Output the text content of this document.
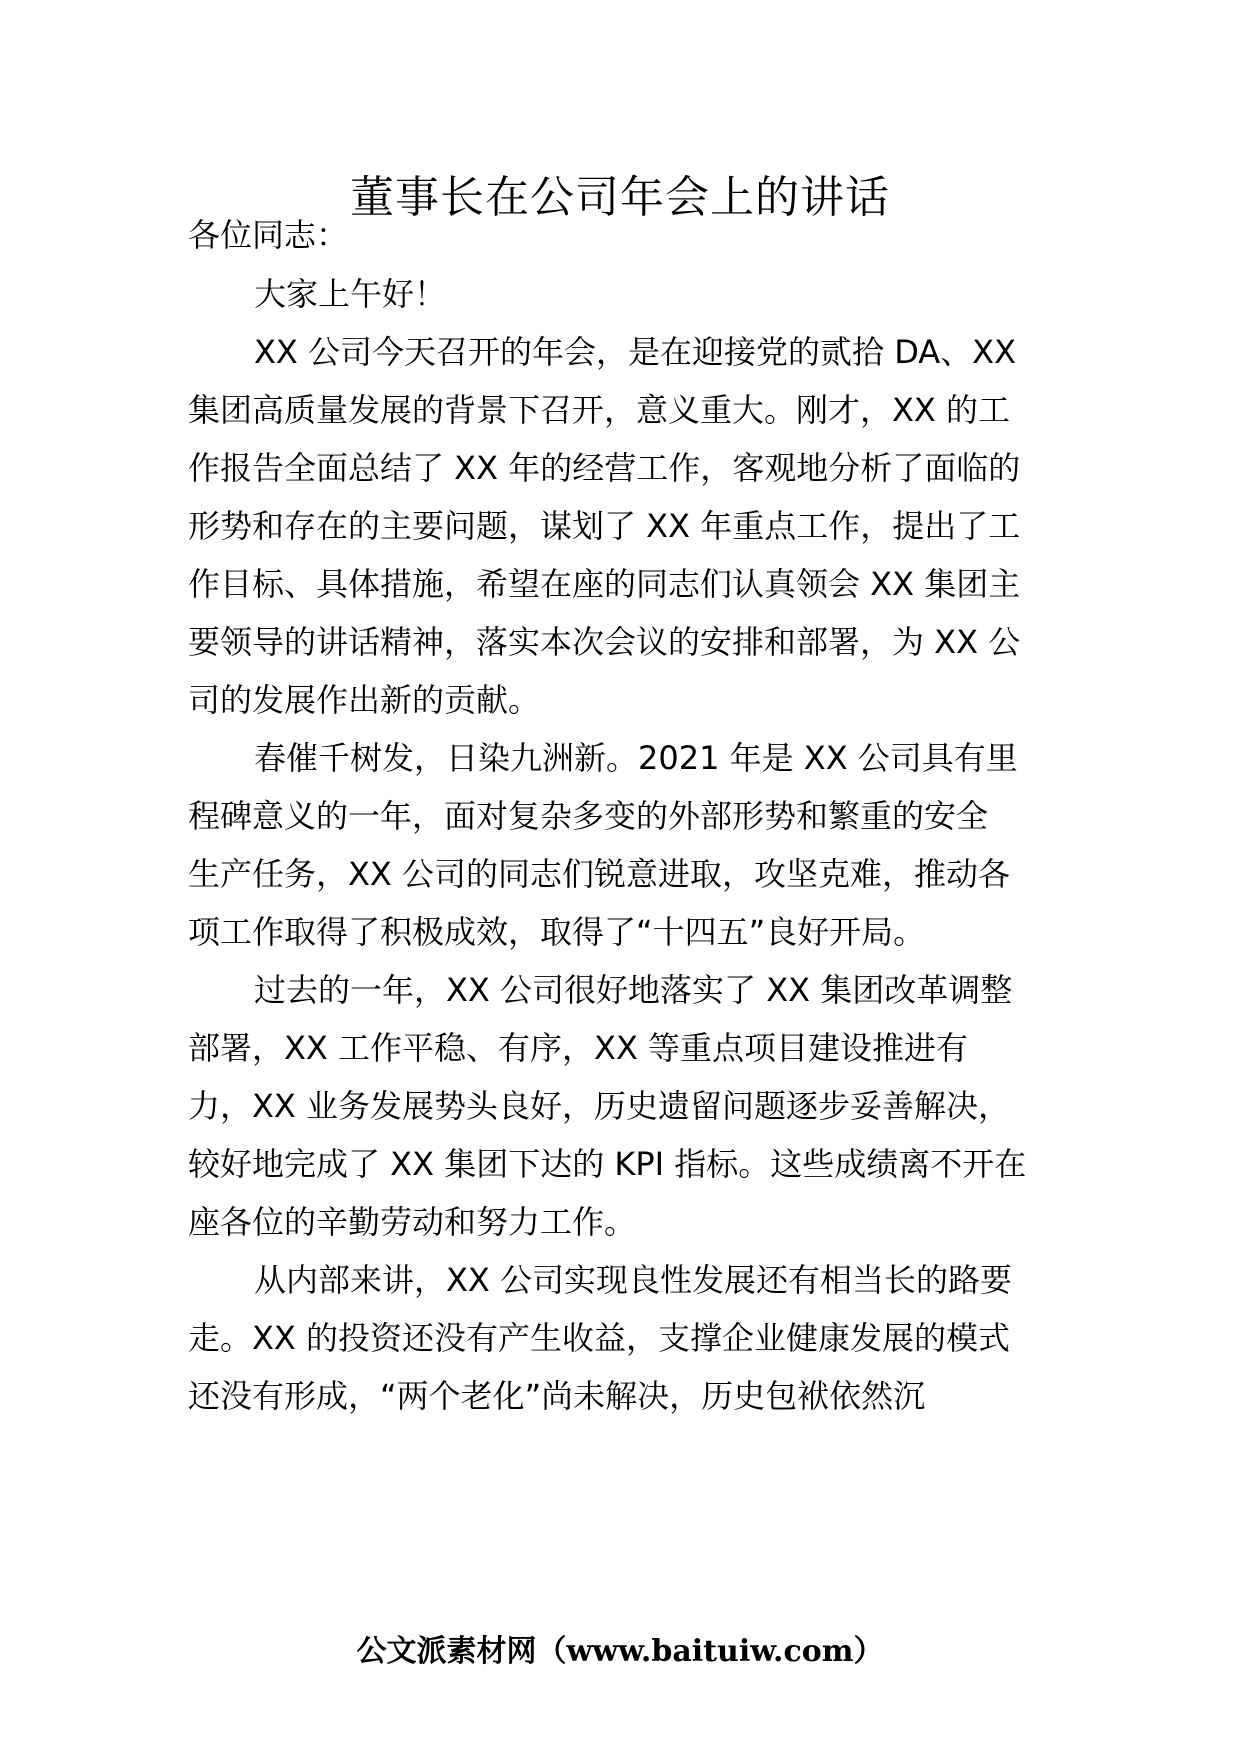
董事长在公司年会上的讲话

各位同志：

大家上午好！

XX 公司今天召开的年会，是在迎接党的贰拾 DA、XX

集团高质量发展的背景下召开，意义重大。刚才，XX 的工

作报告全面总结了 XX 年的经营工作，客观地分析了面临的

形势和存在的主要问题，谋划了 XX 年重点工作，提出了工

作目标、具体措施，希望在座的同志们认真领会 XX 集团主

要领导的讲话精神，落实本次会议的安排和部署，为 XX 公

司的发展作出新的贡献。

春催千树发，日染九洲新。2021 年是 XX 公司具有里

程碑意义的一年，面对复杂多变的外部形势和繁重的安全

生产任务，XX 公司的同志们锐意进取，攻坚克难，推动各

项工作取得了积极成效，取得了“十四五”良好开局。

过去的一年，XX 公司很好地落实了 XX 集团改革调整

部署，XX 工作平稳、有序，XX 等重点项目建设推进有

力，XX 业务发展势头良好，历史遗留问题逐步妥善解决，

较好地完成了 XX 集团下达的 KPI 指标。这些成绩离不开在

座各位的辛勤劳动和努力工作。

从内部来讲，XX 公司实现良性发展还有相当长的路要

走。XX 的投资还没有产生收益，支撑企业健康发展的模式

还没有形成，“两个老化”尚未解决，历史包袱依然沉

公文派素材网（www.baituiw.com）
